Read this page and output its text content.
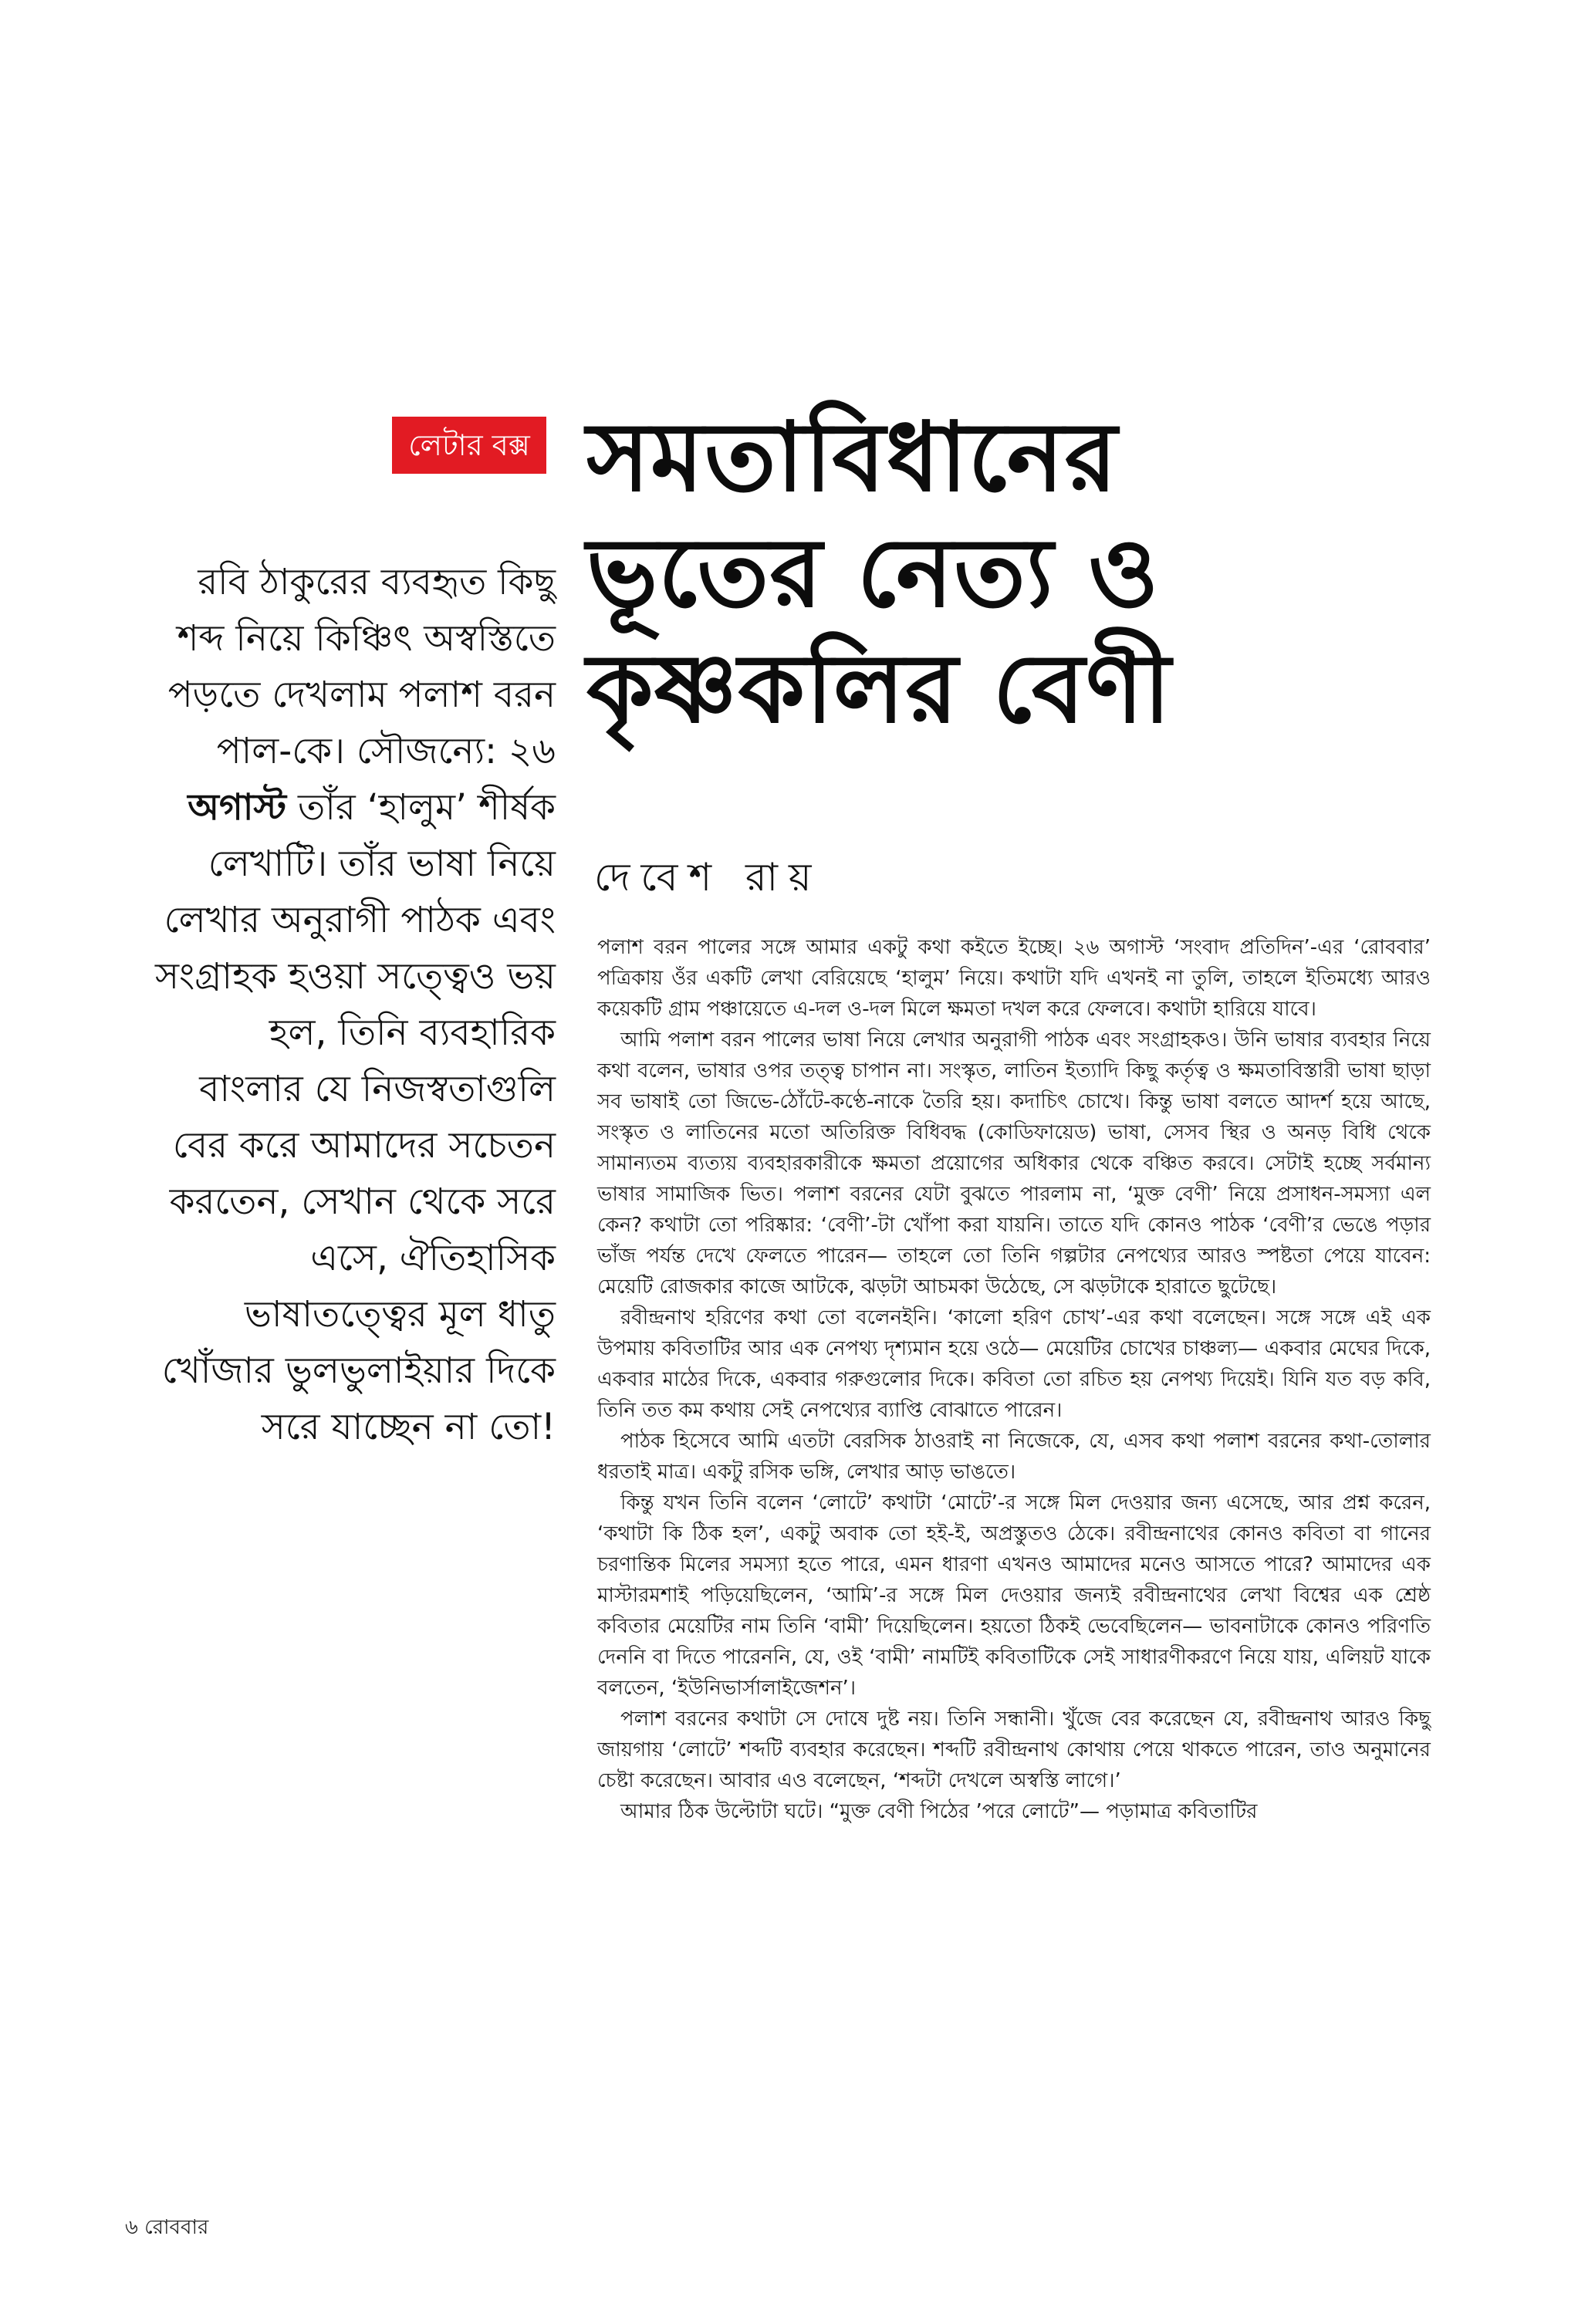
লেটার বক্স সমতাবিধানের
ভূতের নেত্য ও
কৃষ্ণকলির বেণী
দেবেশ রায়
রবি ঠাকুরের ব্যবহৃত কিছু শব্দ নিয়ে কিঞ্চিৎ অস্বস্তিতে পড়তে দেখলাম পলাশ বরন পাল-কে। সৌজন্যে: ২৬ অগাস্ট তাঁর ‘হালুম’ শীর্ষক লেখাটি। তাঁর ভাষা নিয়ে লেখার অনুরাগী পাঠক এবং সংগ্রাহক হওয়া সত্ত্বেও ভয় হল, তিনি ব্যবহারিক বাংলার যে নিজস্বতাগুলি বের করে আমাদের সচেতন করতেন, সেখান থেকে সরে এসে, ঐতিহাসিক ভাষাতত্ত্বের মূল ধাতু খোঁজার ভুলভুলাইয়ার দিকে সরে যাচ্ছেন না তো!

পলাশ বরন পালের সঙ্গে আমার একটু কথা কইতে ইচ্ছে। ২৬ অগাস্ট ‘সংবাদ প্রতিদিন’-এর ‘রোববার’ পত্রিকায় ওঁর একটি লেখা বেরিয়েছে ‘হালুম’ নিয়ে। কথাটা যদি এখনই না তুলি, তাহলে ইতিমধ্যে আরও কয়েকটি গ্রাম পঞ্চায়েতে এ-দল ও-দল মিলে ক্ষমতা দখল করে ফেলবে। কথাটা হারিয়ে যাবে।

আমি পলাশ বরন পালের ভাষা নিয়ে লেখার অনুরাগী পাঠক এবং সংগ্রাহকও। উনি ভাষার ব্যবহার নিয়ে কথা বলেন, ভাষার ওপর তত্ত্ব চাপান না। সংস্কৃত, লাতিন ইত্যাদি কিছু কর্তৃত্ব ও ক্ষমতাবিস্তারী ভাষা ছাড়া সব ভাষাই তো জিভে-ঠোঁটে-কণ্ঠে-নাকে তৈরি হয়। কদাচিৎ চোখে। কিন্তু ভাষা বলতে আদর্শ হয়ে আছে, সংস্কৃত ও লাতিনের মতো অতিরিক্ত বিধিবদ্ধ (কোডিফায়েড) ভাষা, সেসব স্থির ও অনড় বিধি থেকে সামান্যতম ব্যত্যয় ব্যবহারকারীকে ক্ষমতা প্রয়োগের অধিকার থেকে বঞ্চিত করবে। সেটাই হচ্ছে সর্বমান্য ভাষার সামাজিক ভিত। পলাশ বরনের যেটা বুঝতে পারলাম না, ‘মুক্ত বেণী’ নিয়ে প্রসাধন-সমস্যা এল কেন? কথাটা তো পরিষ্কার: ‘বেণী’-টা খোঁপা করা যায়নি। তাতে যদি কোনও পাঠক ‘বেণী’র ভেঙে পড়ার ভাঁজ পর্যন্ত দেখে ফেলতে পারেন— তাহলে তো তিনি গল্পটার নেপথ্যের আরও স্পষ্টতা পেয়ে যাবেন: মেয়েটি রোজকার কাজে আটকে, ঝড়টা আচমকা উঠেছে, সে ঝড়টাকে হারাতে ছুটেছে।

রবীন্দ্রনাথ হরিণের কথা তো বলেনইনি। ‘কালো হরিণ চোখ’-এর কথা বলেছেন। সঙ্গে সঙ্গে এই এক উপমায় কবিতাটির আর এক নেপথ্য দৃশ্যমান হয়ে ওঠে— মেয়েটির চোখের চাঞ্চল্য— একবার মেঘের দিকে, একবার মাঠের দিকে, একবার গরুগুলোর দিকে। কবিতা তো রচিত হয় নেপথ্য দিয়েই। যিনি যত বড় কবি, তিনি তত কম কথায় সেই নেপথ্যের ব্যাপ্তি বোঝাতে পারেন।

পাঠক হিসেবে আমি এতটা বেরসিক ঠাওরাই না নিজেকে, যে, এসব কথা পলাশ বরনের কথা-তোলার ধরতাই মাত্র। একটু রসিক ভঙ্গি, লেখার আড় ভাঙতে।

কিন্তু যখন তিনি বলেন ‘লোটে’ কথাটা ‘মোটে’-র সঙ্গে মিল দেওয়ার জন্য এসেছে, আর প্রশ্ন করেন, ‘কথাটা কি ঠিক হল’, একটু অবাক তো হই-ই, অপ্রস্তুতও ঠেকে। রবীন্দ্রনাথের কোনও কবিতা বা গানের চরণান্তিক মিলের সমস্যা হতে পারে, এমন ধারণা এখনও আমাদের মনেও আসতে পারে? আমাদের এক মাস্টারমশাই পড়িয়েছিলেন, ‘আমি’-র সঙ্গে মিল দেওয়ার জন্যই রবীন্দ্রনাথের লেখা বিশ্বের এক শ্রেষ্ঠ কবিতার মেয়েটির নাম তিনি ‘বামী’ দিয়েছিলেন। হয়তো ঠিকই ভেবেছিলেন— ভাবনাটাকে কোনও পরিণতি দেননি বা দিতে পারেননি, যে, ওই ‘বামী’ নামটিই কবিতাটিকে সেই সাধারণীকরণে নিয়ে যায়, এলিয়ট যাকে বলতেন, ‘ইউনিভার্সালাইজেশন’।

পলাশ বরনের কথাটা সে দোষে দুষ্ট নয়। তিনি সন্ধানী। খুঁজে বের করেছেন যে, রবীন্দ্রনাথ আরও কিছু জায়গায় ‘লোটে’ শব্দটি ব্যবহার করেছেন। শব্দটি রবীন্দ্রনাথ কোথায় পেয়ে থাকতে পারেন, তাও অনুমানের চেষ্টা করেছেন। আবার এও বলেছেন, ‘শব্দটা দেখলে অস্বস্তি লাগে।’

আমার ঠিক উল্টোটা ঘটে। “মুক্ত বেণী পিঠের ’পরে লোটে”— পড়ামাত্র কবিতাটির

৬ রোববার
